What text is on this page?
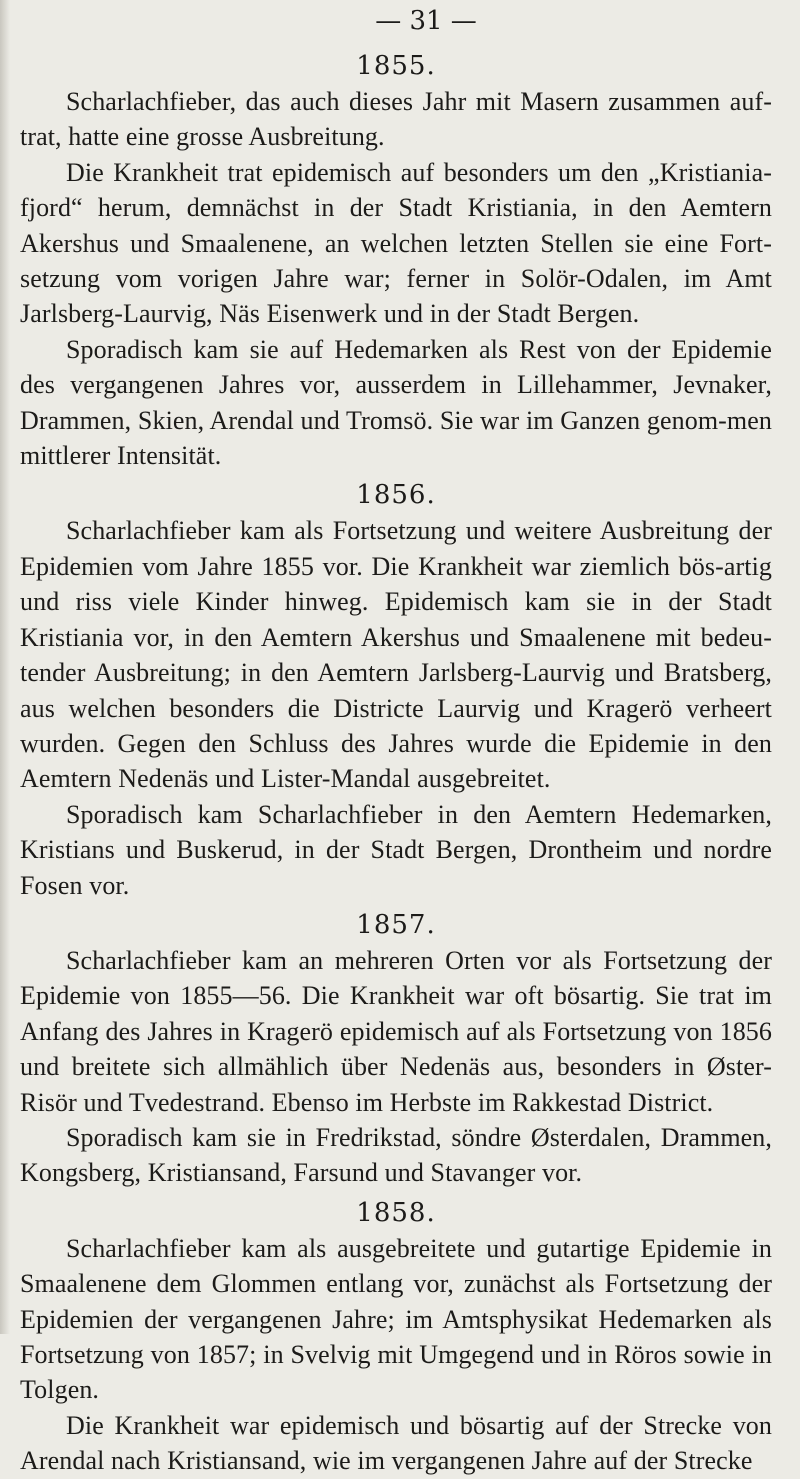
— 31 —
1855.

Scharlachfieber, das auch dieses Jahr mit Masern zusammen auf-trat, hatte eine grosse Ausbreitung.

Die Krankheit trat epidemisch auf besonders um den „Kristiania-fjord“ herum, demnächst in der Stadt Kristiania, in den Aemtern Akershus und Smaalenene, an welchen letzten Stellen sie eine Fort-setzung vom vorigen Jahre war; ferner in Solör-Odalen, im Amt Jarlsberg-Laurvig, Näs Eisenwerk und in der Stadt Bergen.

Sporadisch kam sie auf Hedemarken als Rest von der Epidemie des vergangenen Jahres vor, ausserdem in Lillehammer, Jevnaker, Drammen, Skien, Arendal und Tromsö. Sie war im Ganzen genom-men mittlerer Intensität.

1856.

Scharlachfieber kam als Fortsetzung und weitere Ausbreitung der Epidemien vom Jahre 1855 vor. Die Krankheit war ziemlich bös-artig und riss viele Kinder hinweg. Epidemisch kam sie in der Stadt Kristiania vor, in den Aemtern Akershus und Smaalenene mit bedeu-tender Ausbreitung; in den Aemtern Jarlsberg-Laurvig und Bratsberg, aus welchen besonders die Districte Laurvig und Kragerö verheert wurden. Gegen den Schluss des Jahres wurde die Epidemie in den Aemtern Nedenäs und Lister-Mandal ausgebreitet.

Sporadisch kam Scharlachfieber in den Aemtern Hedemarken, Kristians und Buskerud, in der Stadt Bergen, Drontheim und nordre Fosen vor.

1857.

Scharlachfieber kam an mehreren Orten vor als Fortsetzung der Epidemie von 1855—56. Die Krankheit war oft bösartig. Sie trat im Anfang des Jahres in Kragerö epidemisch auf als Fortsetzung von 1856 und breitete sich allmählich über Nedenäs aus, besonders in Øster-Risör und Tvedestrand. Ebenso im Herbste im Rakkestad District.

Sporadisch kam sie in Fredrikstad, söndre Østerdalen, Drammen, Kongsberg, Kristiansand, Farsund und Stavanger vor.

1858.

Scharlachfieber kam als ausgebreitete und gutartige Epidemie in Smaalenene dem Glommen entlang vor, zunächst als Fortsetzung der Epidemien der vergangenen Jahre; im Amtsphysikat Hedemarken als Fortsetzung von 1857; in Svelvig mit Umgegend und in Röros sowie in Tolgen.

Die Krankheit war epidemisch und bösartig auf der Strecke von Arendal nach Kristiansand, wie im vergangenen Jahre auf der Strecke
